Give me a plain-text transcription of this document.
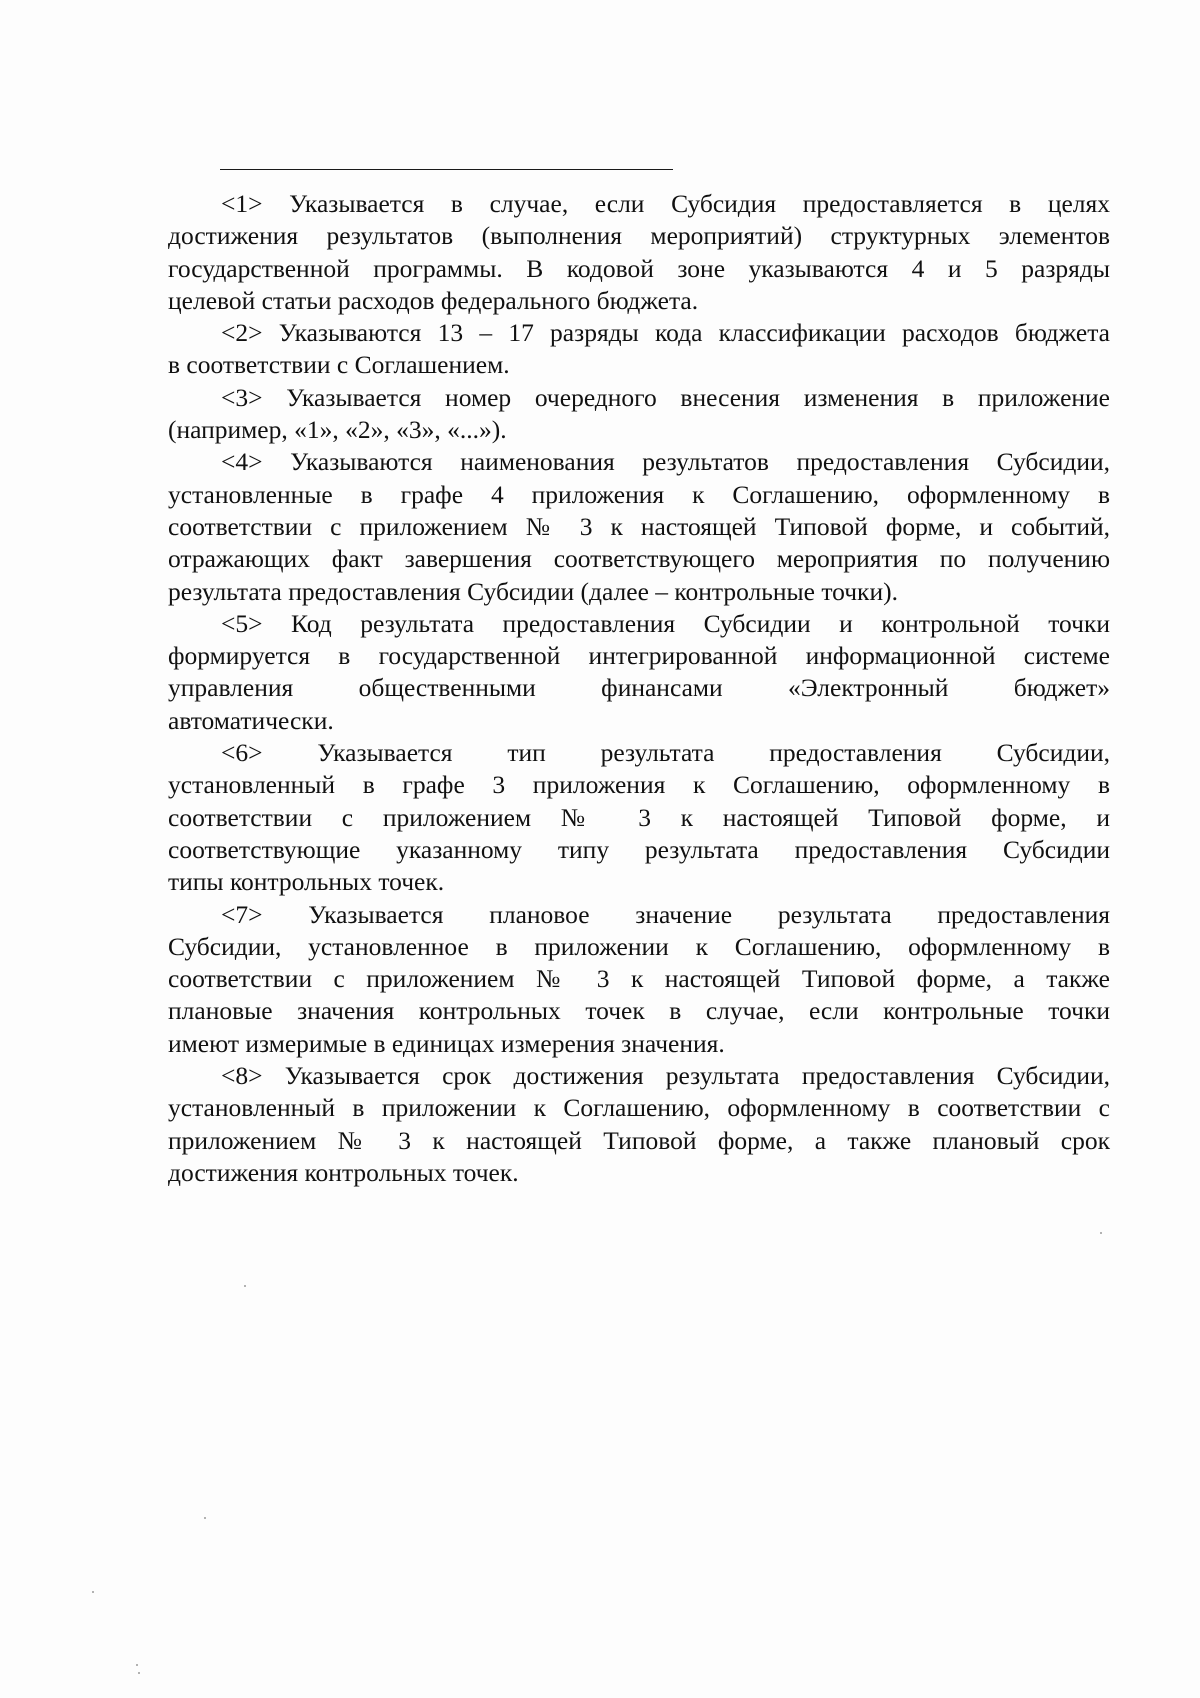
<1> Указывается в случае, если Субсидия предоставляется в целях
достижения результатов (выполнения мероприятий) структурных элементов
государственной программы. В кодовой зоне указываются 4 и 5 разряды
целевой статьи расходов федерального бюджета.
<2> Указываются 13 – 17 разряды кода классификации расходов бюджета
в соответствии с Соглашением.
<3> Указывается номер очередного внесения изменения в приложение
(например, «1», «2», «3», «...»).
<4> Указываются наименования результатов предоставления Субсидии,
установленные в графе 4 приложения к Соглашению, оформленному в
соответствии с приложением № 3 к настоящей Типовой форме, и событий,
отражающих факт завершения соответствующего мероприятия по получению
результата предоставления Субсидии (далее – контрольные точки).
<5> Код результата предоставления Субсидии и контрольной точки
формируется в государственной интегрированной информационной системе
управления общественными финансами «Электронный бюджет»
автоматически.
<6> Указывается тип результата предоставления Субсидии,
установленный в графе 3 приложения к Соглашению, оформленному в
соответствии с приложением № 3 к настоящей Типовой форме, и
соответствующие указанному типу результата предоставления Субсидии
типы контрольных точек.
<7> Указывается плановое значение результата предоставления
Субсидии, установленное в приложении к Соглашению, оформленному в
соответствии с приложением № 3 к настоящей Типовой форме, а также
плановые значения контрольных точек в случае, если контрольные точки
имеют измеримые в единицах измерения значения.
<8> Указывается срок достижения результата предоставления Субсидии,
установленный в приложении к Соглашению, оформленному в соответствии с
приложением № 3 к настоящей Типовой форме, а также плановый срок
достижения контрольных точек.
